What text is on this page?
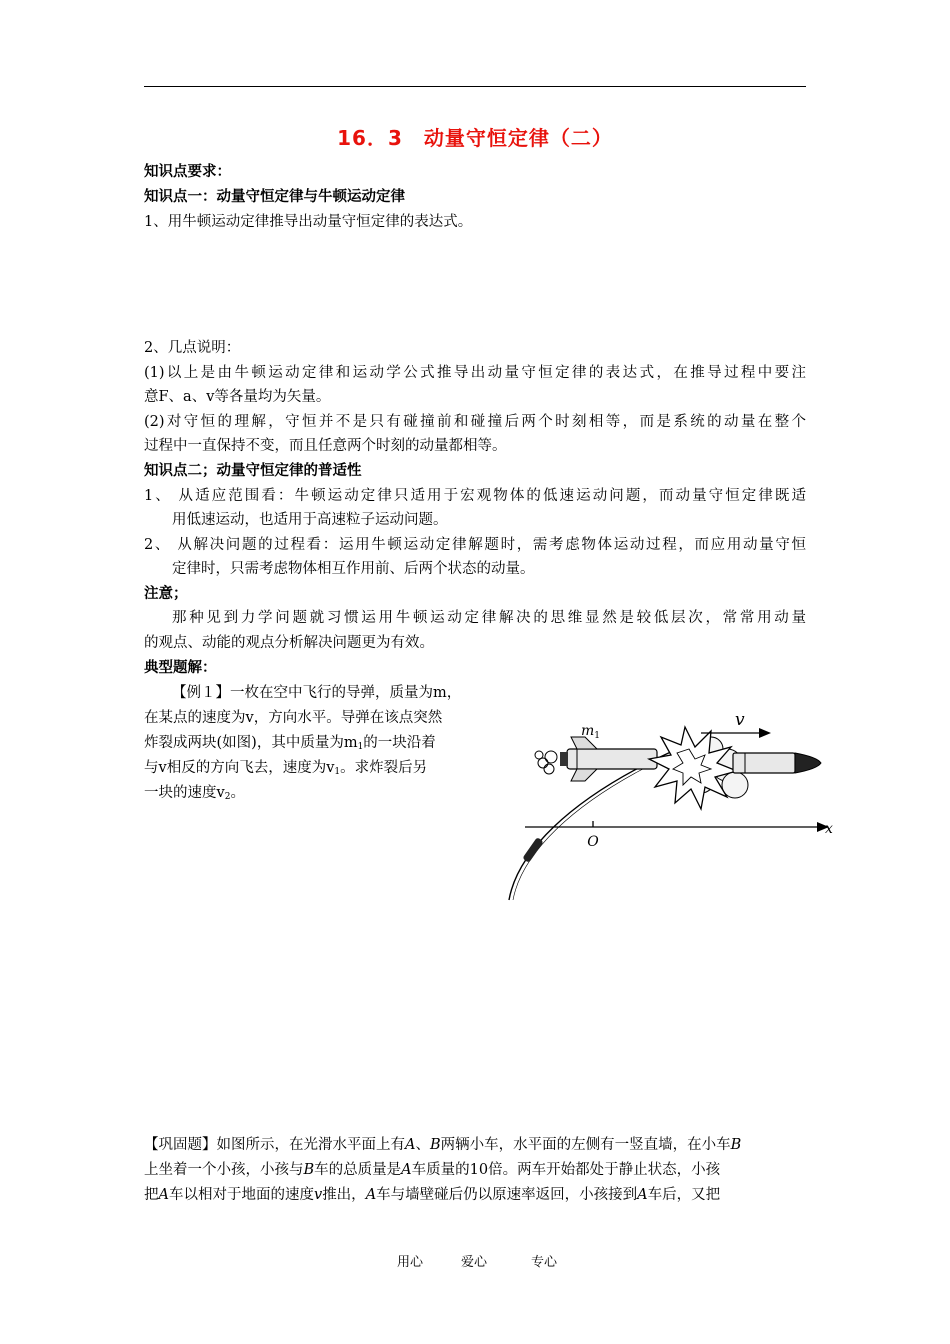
16．3　动量守恒定律（二）
知识点要求：
知识点一：动量守恒定律与牛顿运动定律
1、用牛顿运动定律推导出动量守恒定律的表达式。
2、几点说明：
(1)以上是由牛顿运动定律和运动学公式推导出动量守恒定律的表达式，在推导过程中要注
意F、a、v等各量均为矢量。
(2)对守恒的理解，守恒并不是只有碰撞前和碰撞后两个时刻相等，而是系统的动量在整个
过程中一直保持不变，而且任意两个时刻的动量都相等。
知识点二；动量守恒定律的普适性
1、 从适应范围看：牛顿运动定律只适用于宏观物体的低速运动问题，而动量守恒定律既适
用低速运动，也适用于高速粒子运动问题。
2、 从解决问题的过程看：运用牛顿运动定律解题时，需考虑物体运动过程，而应用动量守恒
定律时，只需考虑物体相互作用前、后两个状态的动量。
注意；
那种见到力学问题就习惯运用牛顿运动定律解决的思维显然是较低层次，常常用动量
的观点、动能的观点分析解决问题更为有效。
典型题解：
【例１】一枚在空中飞行的导弹，质量为m，
在某点的速度为v，方向水平。导弹在该点突然
炸裂成两块(如图)，其中质量为$m_1$的一块沿着
与v相反的方向飞去，速度为$v_1$。求炸裂后另
一块的速度$v_2$。
O
x
$m_1$
v
【巩固题】如图所示，在光滑水平面上有A、B两辆小车，水平面的左侧有一竖直墙，在小车B
上坐着一个小孩，小孩与B车的总质量是A车质量的10倍。两车开始都处于静止状态，小孩
把A车以相对于地面的速度v推出，A车与墙壁碰后仍以原速率返回，小孩接到A车后，又把
用心	爱心	专心
